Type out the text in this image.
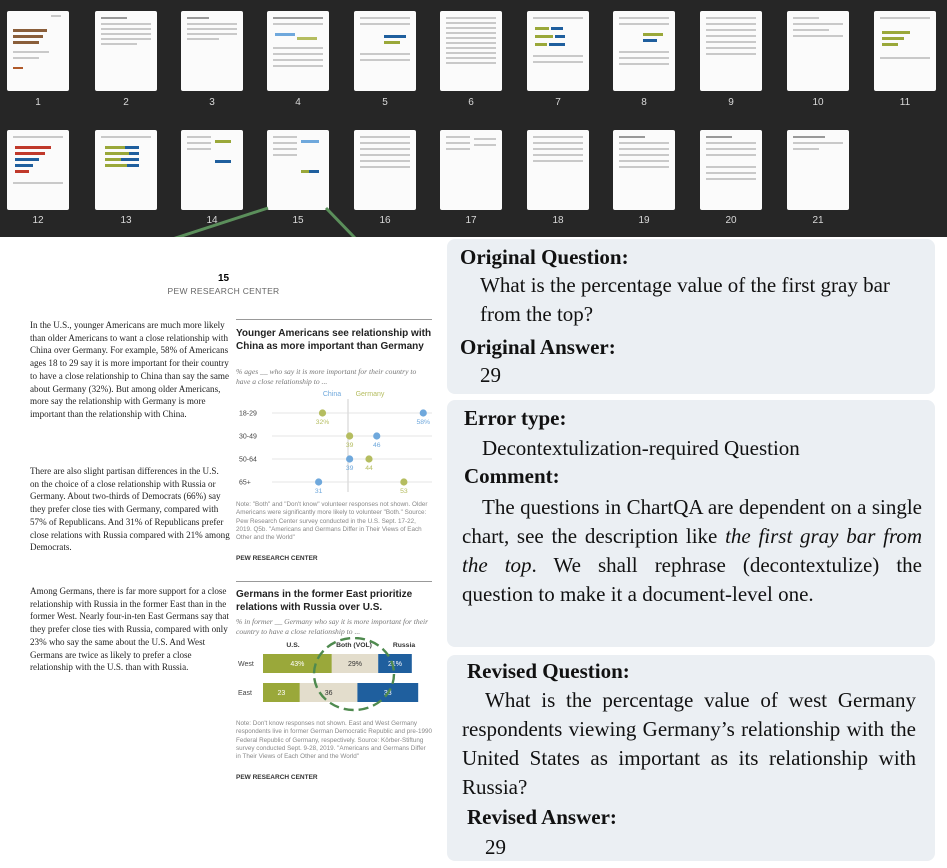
1	2	3	4	5	6	7	8	9	10	11
12	13	14	15	16	17	18	19	20	21
15
PEW RESEARCH CENTER
In the U.S., younger Americans are much more likely than older Americans to want a close relationship with China over Germany. For example, 58% of Americans ages 18 to 29 say it is more important for their country to have a close relationship to China than say the same about Germany (32%). But among older Americans, more say the relationship with Germany is more important than the relationship with China.
There are also slight partisan differences in the U.S. on the choice of a close relationship with Russia or Germany. About two-thirds of Democrats (66%) say they prefer close ties with Germany, compared with 57% of Republicans. And 31% of Republicans prefer close relations with Russia compared with 21% among Democrats.
Among Germans, there is far more support for a close relationship with Russia in the former East than in the former West. Nearly four-in-ten East Germans say that they prefer close ties with Russia, compared with only 23% who say the same about the U.S. And West Germans are twice as likely to prefer a close relationship with the U.S. than with Russia.
Younger Americans see relationship with China as more important than Germany
% ages __ who say it is more important for their country to have a close relationship to ...
China Germany
18-29
58%
32%
30-49
46
39
50-64
39 44
65+
31	53
Note: "Both" and "Don't know" volunteer responses not shown. Older Americans were significantly more likely to volunteer "Both." Source: Pew Research Center survey conducted in the U.S. Sept. 17-22, 2019. Q5b. "Americans and Germans Differ in Their Views of Each Other and the World"
PEW RESEARCH CENTER
Germans in the former East prioritize relations with Russia over U.S.
% in former __ Germany who say it is more important for their country to have a close relationship to ...
U.S.	Both (VOL)	Russia
West	43%	29%	21%
East	23	36	38
Note: Don't know responses not shown. East and West Germany respondents live in former German Democratic Republic and pre-1990 Federal Republic of Germany, respectively. Source: Körber-Stiftung survey conducted Sept. 9-28, 2019. "Americans and Germans Differ in Their Views of Each Other and the World"
PEW RESEARCH CENTER
Original Question:
What is the percentage value of the first gray bar from the top?
Original Answer:
29
Error type:
Decontextulization-required Question
Comment:
The questions in ChartQA are dependent on a single chart, see the description like the first gray bar from the top. We shall rephrase (decontextulize) the question to make it a document-level one.
Revised Question:
What is the percentage value of west Germany respondents viewing Germany’s relationship with the United States as important as its relationship with Russia?
Revised Answer:
29
